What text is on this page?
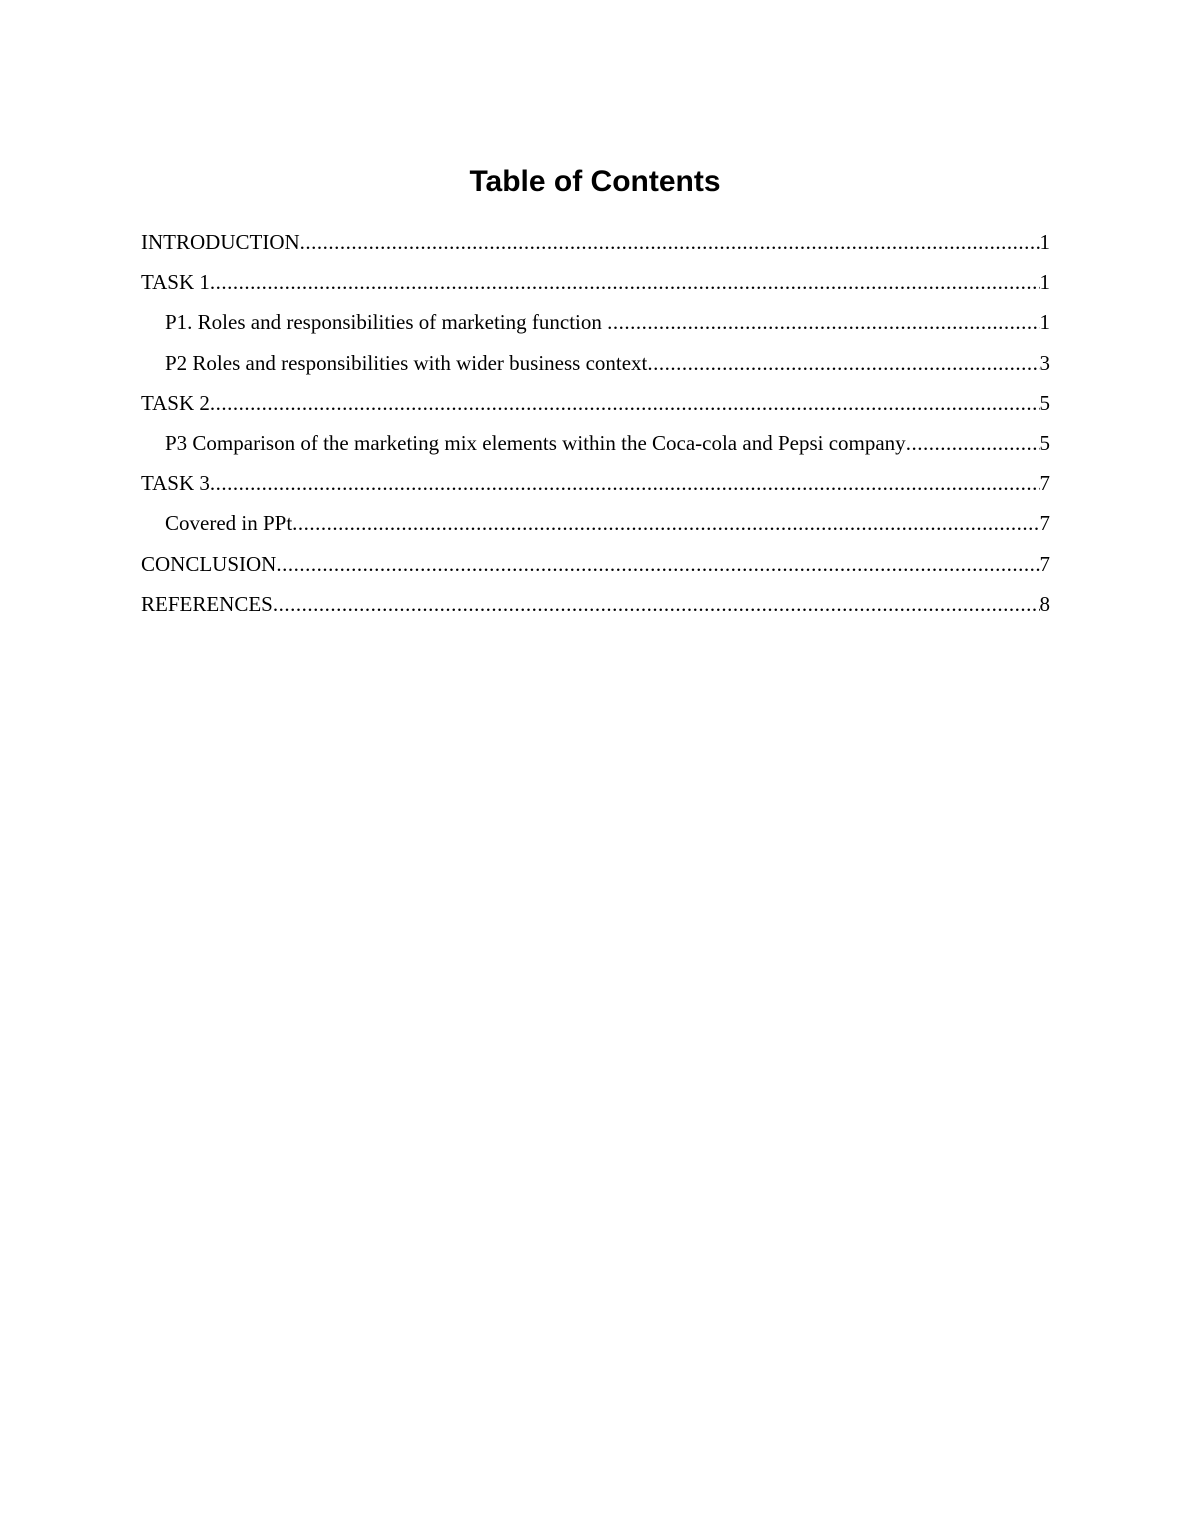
Table of Contents
INTRODUCTION .....	1
TASK 1 .....	1
P1. Roles and responsibilities of marketing function .....	1
P2 Roles and responsibilities with wider business context .....	3
TASK 2 .....	5
P3 Comparison of the marketing mix elements within the Coca-cola and Pepsi company .....	5
TASK 3 .....	7
Covered in PPt .....	7
CONCLUSION .....	7
REFERENCES .....	8
